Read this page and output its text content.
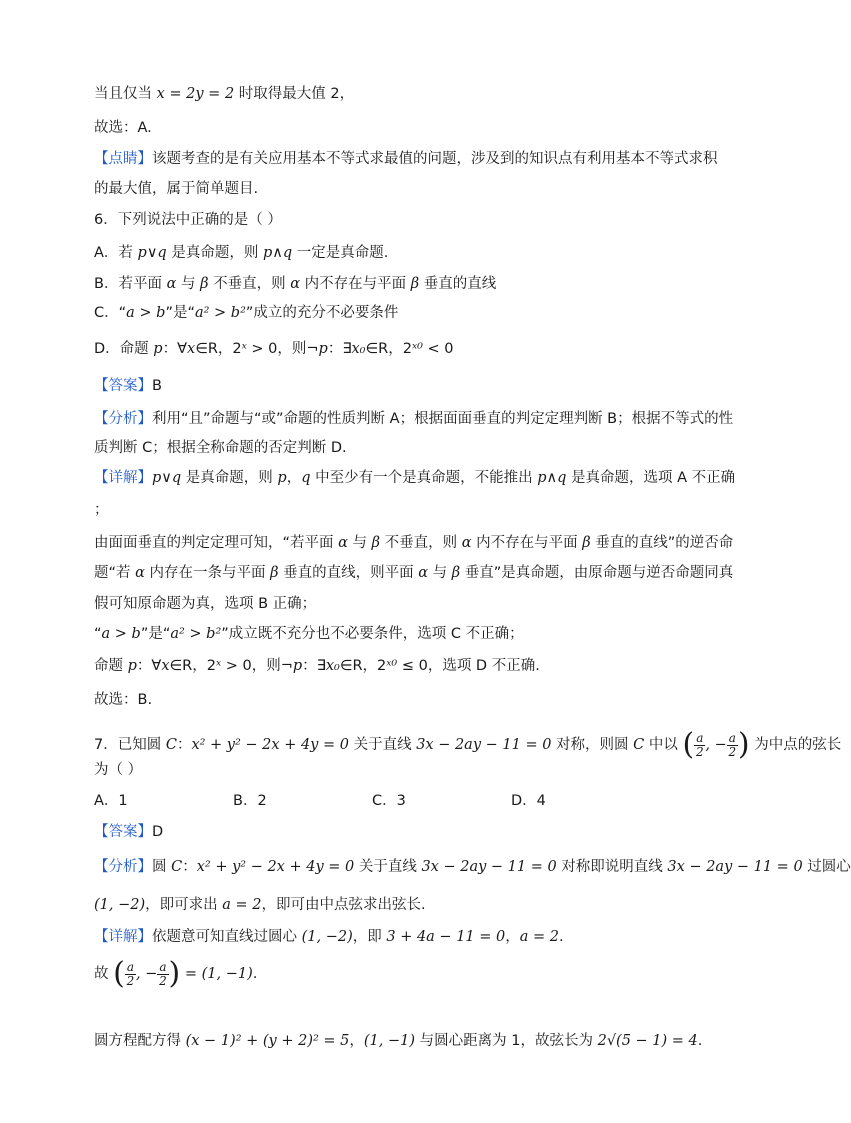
当且仅当 x = 2y = 2 时取得最大值 2，
故选：A.
【点睛】该题考查的是有关应用基本不等式求最值的问题，涉及到的知识点有利用基本不等式求积
的最大值，属于简单题目.
6．下列说法中正确的是（ ）
A．若 p∨q 是真命题，则 p∧q 一定是真命题.
B．若平面 α 与 β 不垂直，则 α 内不存在与平面 β 垂直的直线
C．“a > b”是“a² > b²”成立的充分不必要条件
D．命题 p：∀x∈R，2ˣ > 0，则¬p：∃x₀∈R，2ˣ⁰ < 0
【答案】B
【分析】利用“且”命题与“或”命题的性质判断 A；根据面面垂直的判定定理判断 B；根据不等式的性
质判断 C；根据全称命题的否定判断 D.
【详解】p∨q 是真命题，则 p，q 中至少有一个是真命题，不能推出 p∧q 是真命题，选项 A 不正确
；
由面面垂直的判定定理可知，“若平面 α 与 β 不垂直，则 α 内不存在与平面 β 垂直的直线”的逆否命
题“若 α 内存在一条与平面 β 垂直的直线，则平面 α 与 β 垂直”是真命题，由原命题与逆否命题同真
假可知原命题为真，选项 B 正确；
“a > b”是“a² > b²”成立既不充分也不必要条件，选项 C 不正确；
命题 p：∀x∈R，2ˣ > 0，则¬p：∃x₀∈R，2ˣ⁰ ≤ 0，选项 D 不正确.
故选：B.
7．已知圆 C：x² + y² − 2x + 4y = 0 关于直线 3x − 2ay − 11 = 0 对称，则圆 C 中以 ( $\frac{a}{2}$ , − $\frac{a}{2}$ ) 为中点的弦长
为（ ）
A．1	B．2	C．3	D．4
【答案】D
【分析】圆 C：x² + y² − 2x + 4y = 0 关于直线 3x − 2ay − 11 = 0 对称即说明直线 3x − 2ay − 11 = 0 过圆心
(1, −2)，即可求出 a = 2，即可由中点弦求出弦长.
【详解】依题意可知直线过圆心 (1, −2)，即 3 + 4a − 11 = 0，a = 2.
故 ( $\frac{a}{2}$ , − $\frac{a}{2}$ ) = (1, −1).
圆方程配方得 (x − 1)² + (y + 2)² = 5，(1, −1) 与圆心距离为 1，故弦长为 2√(5 − 1) = 4.
